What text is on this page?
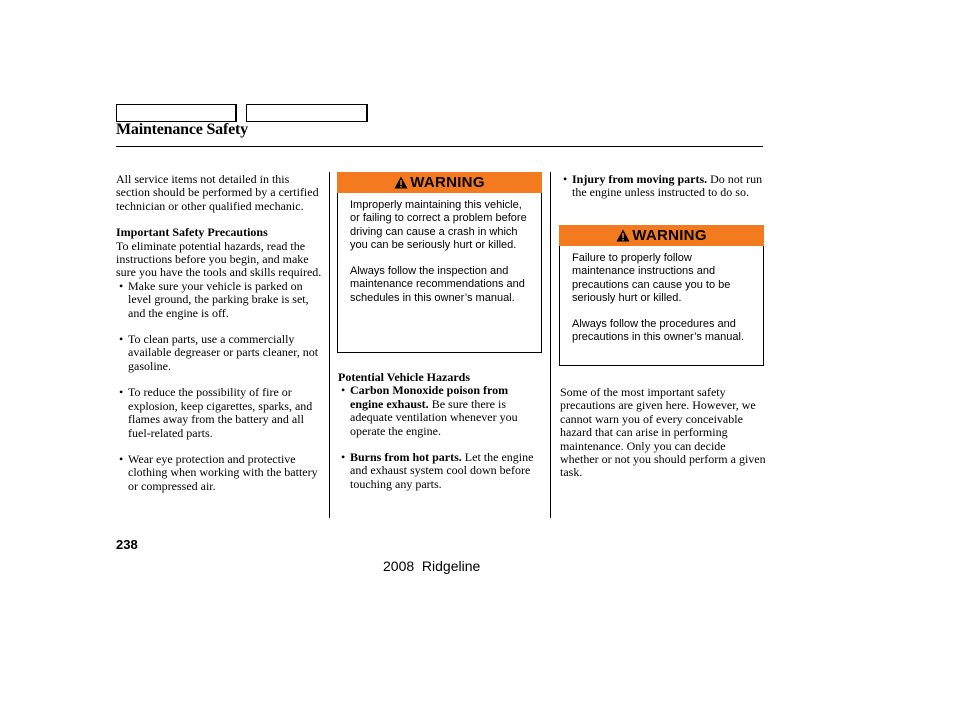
Maintenance Safety

All service items not detailed in this section should be performed by a certified technician or other qualified mechanic.

Important Safety Precautions

To eliminate potential hazards, read the instructions before you begin, and make sure you have the tools and skills required.

• Make sure your vehicle is parked on level ground, the parking brake is set, and the engine is off.
• To clean parts, use a commercially available degreaser or parts cleaner, not gasoline.
• To reduce the possibility of fire or explosion, keep cigarettes, sparks, and flames away from the battery and all fuel-related parts.
• Wear eye protection and protective clothing when working with the battery or compressed air.
WARNING

Improperly maintaining this vehicle, or failing to correct a problem before driving can cause a crash in which you can be seriously hurt or killed.

Always follow the inspection and maintenance recommendations and schedules in this owner’s manual.

Potential Vehicle Hazards

• Carbon Monoxide poison from engine exhaust. Be sure there is adequate ventilation whenever you operate the engine.
• Burns from hot parts. Let the engine and exhaust system cool down before touching any parts.
• Injury from moving parts. Do not run the engine unless instructed to do so.
WARNING

Failure to properly follow maintenance instructions and precautions can cause you to be seriously hurt or killed.

Always follow the procedures and precautions in this owner’s manual.

Some of the most important safety precautions are given here. However, we cannot warn you of every conceivable hazard that can arise in performing maintenance. Only you can decide whether or not you should perform a given task.

238
2008  Ridgeline
